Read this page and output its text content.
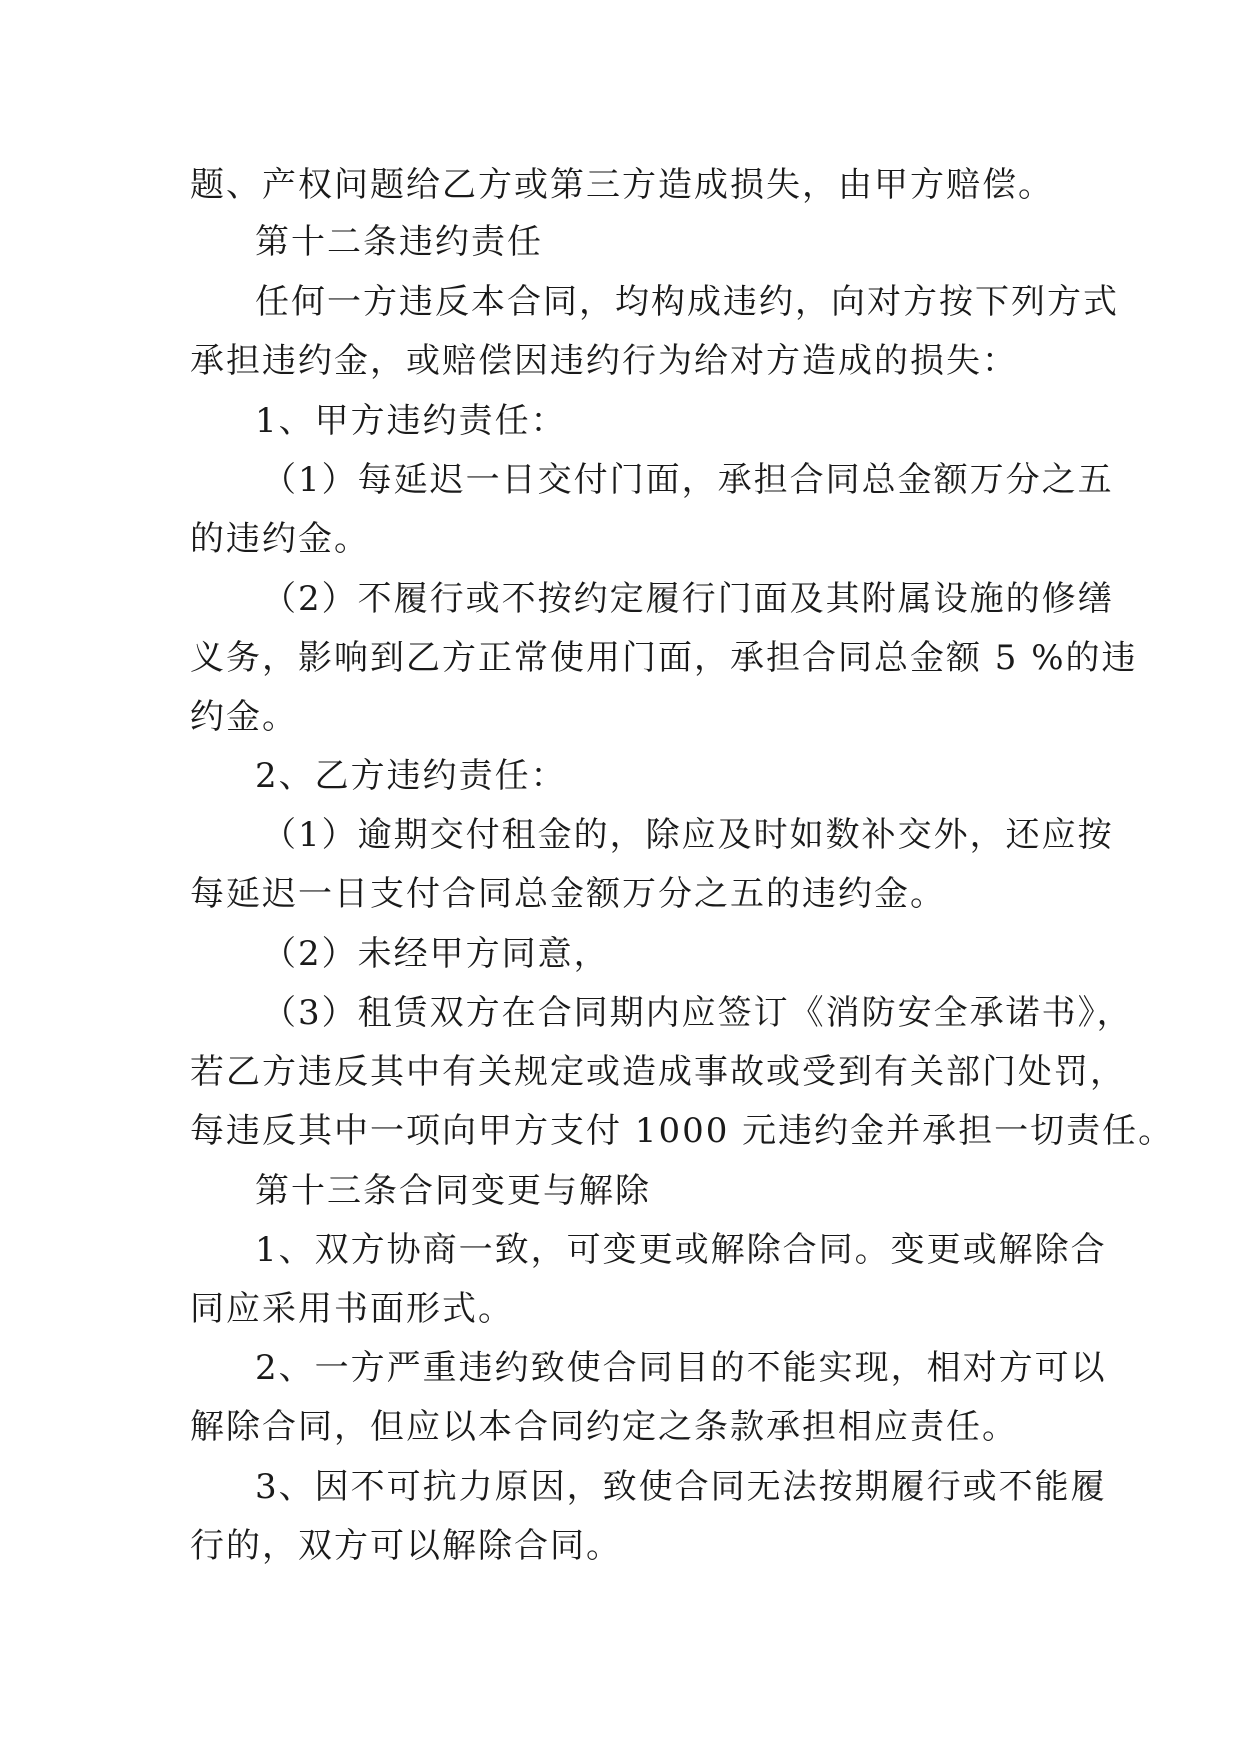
题、产权问题给乙方或第三方造成损失，由甲方赔偿。
第十二条违约责任
任何一方违反本合同，均构成违约，向对方按下列方式
承担违约金，或赔偿因违约行为给对方造成的损失：
1、甲方违约责任：
（1）每延迟一日交付门面，承担合同总金额万分之五
的违约金。
（2）不履行或不按约定履行门面及其附属设施的修缮
义务，影响到乙方正常使用门面，承担合同总金额 5 %的违
约金。
2、乙方违约责任：
（1）逾期交付租金的，除应及时如数补交外，还应按
每延迟一日支付合同总金额万分之五的违约金。
（2）未经甲方同意，
（3）租赁双方在合同期内应签订《消防安全承诺书》，
若乙方违反其中有关规定或造成事故或受到有关部门处罚，
每违反其中一项向甲方支付 1000 元违约金并承担一切责任。
第十三条合同变更与解除
1、双方协商一致，可变更或解除合同。变更或解除合
同应采用书面形式。
2、一方严重违约致使合同目的不能实现，相对方可以
解除合同，但应以本合同约定之条款承担相应责任。
3、因不可抗力原因，致使合同无法按期履行或不能履
行的，双方可以解除合同。
